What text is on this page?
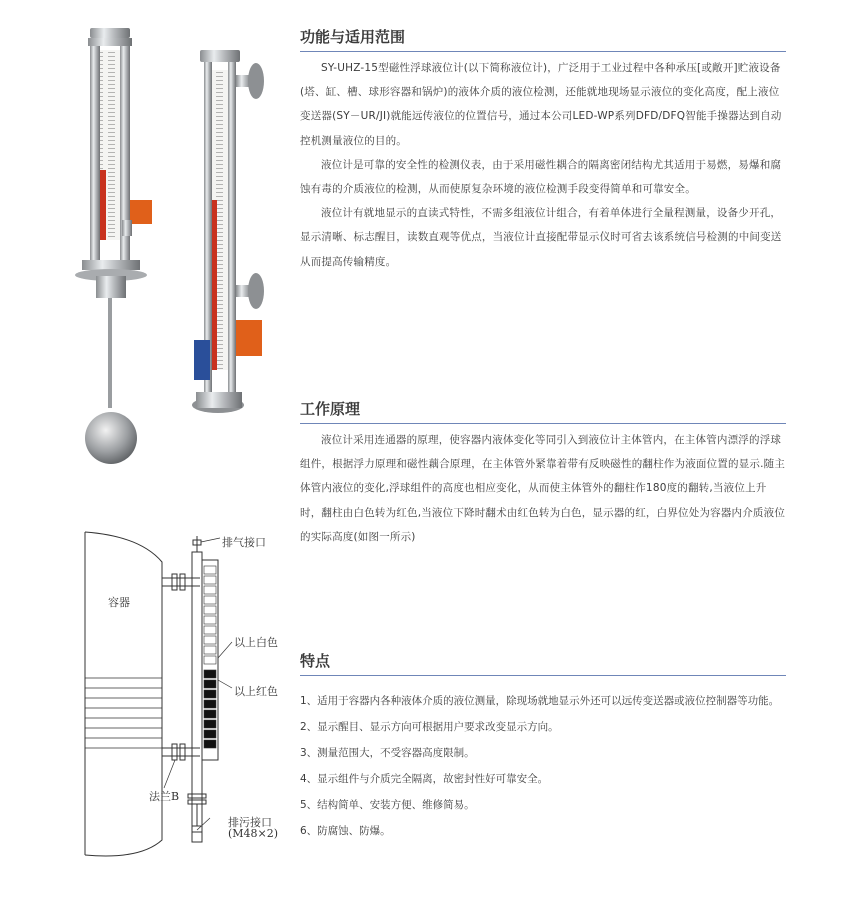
容器
排气接口
以上白色
以上红色
法兰B
排污接口
(M48×2)
功能与适用范围

SY-UHZ-15型磁性浮球液位计(以下简称液位计)，广泛用于工业过程中各种承压[或敞开]贮液设备(塔、缸、槽、球形容器和锅炉)的液体介质的液位检测，还能就地现场显示液位的变化高度，配上液位变送器(SY－UR/JI)就能远传液位的位置信号，通过本公司LED-WP系列DFD/DFQ智能手操器达到自动控机测量液位的目的。

液位计是可靠的安全性的检测仪表，由于采用磁性耦合的隔离密闭结构尤其适用于易燃，易爆和腐蚀有毒的介质液位的检测，从而使原复杂环境的液位检测手段变得简单和可靠安全。

液位计有就地显示的直读式特性，不需多组液位计组合，有着单体进行全量程测量，设备少开孔，显示清晰、标志醒目，读数直观等优点，当液位计直接配带显示仪时可省去该系统信号检测的中间变送从而提高传输精度。

工作原理

液位计采用连通器的原理，使容器内液体变化等同引入到液位计主体管内，在主体管内漂浮的浮球组件，根据浮力原理和磁性藕合原理，在主体管外紧靠着带有反映磁性的翻柱作为液面位置的显示.随主体管内液位的变化,浮球组件的高度也相应变化，从而使主体管外的翻柱作180度的翻转,当液位上升时，翻柱由白色转为红色,当液位下降时翻术由红色转为白色，显示器的红，白界位处为容器内介质液位的实际高度(如图一所示)

特点
1、适用于容器内各种液体介质的液位测量，除现场就地显示外还可以远传变送器或液位控制器等功能。
2、显示醒目、显示方向可根据用户要求改变显示方向。
3、测量范围大，不受容器高度限制。
4、显示组件与介质完全隔离，故密封性好可靠安全。
5、结构简单、安装方便、维修简易。
6、防腐蚀、防爆。
